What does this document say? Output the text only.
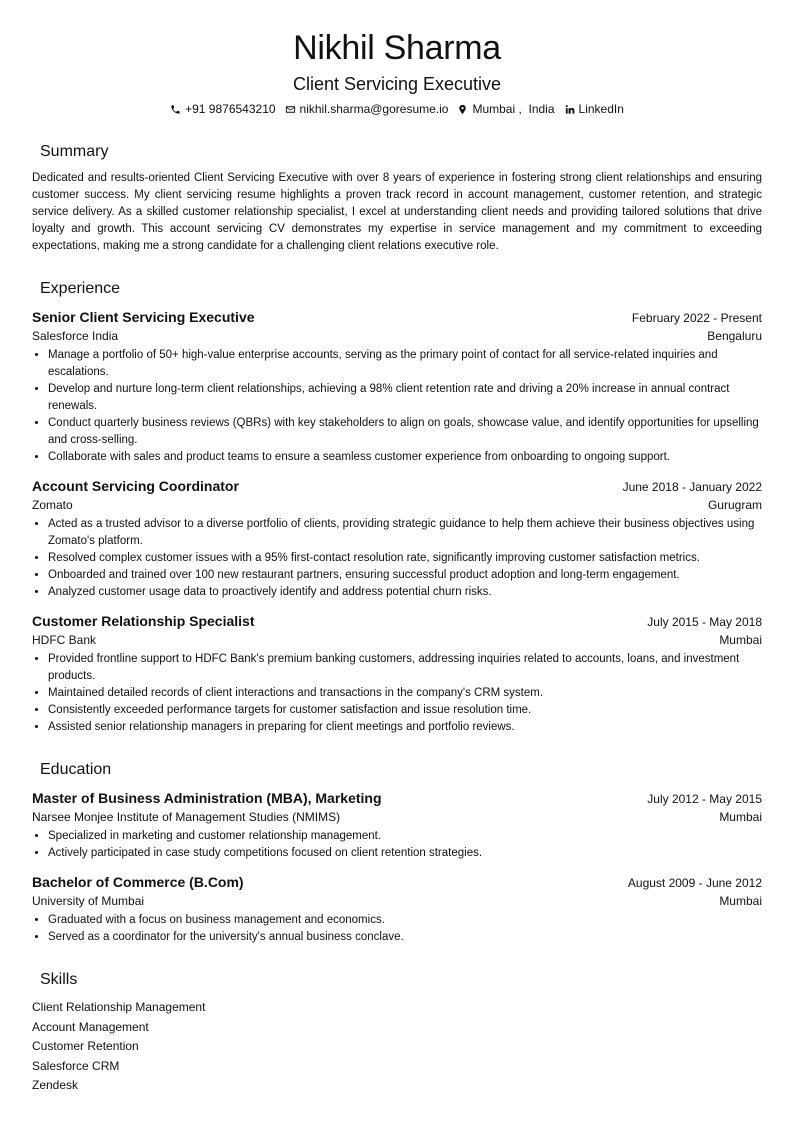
Nikhil Sharma
Client Servicing Executive
+91 9876543210 nikhil.sharma@goresume.io Mumbai ,  India LinkedIn
Summary
Dedicated and results-oriented Client Servicing Executive with over 8 years of experience in fostering strong client relationships and ensuring customer success. My client servicing resume highlights a proven track record in account management, customer retention, and strategic service delivery. As a skilled customer relationship specialist, I excel at understanding client needs and providing tailored solutions that drive loyalty and growth. This account servicing CV demonstrates my expertise in service management and my commitment to exceeding expectations, making me a strong candidate for a challenging client relations executive role.
Experience
Senior Client Servicing Executive	February 2022 - Present
Salesforce India	Bengaluru
• Manage a portfolio of 50+ high-value enterprise accounts, serving as the primary point of contact for all service-related inquiries and escalations.
• Develop and nurture long-term client relationships, achieving a 98% client retention rate and driving a 20% increase in annual contract renewals.
• Conduct quarterly business reviews (QBRs) with key stakeholders to align on goals, showcase value, and identify opportunities for upselling and cross-selling.
• Collaborate with sales and product teams to ensure a seamless customer experience from onboarding to ongoing support.
Account Servicing Coordinator	June 2018 - January 2022
Zomato	Gurugram
• Acted as a trusted advisor to a diverse portfolio of clients, providing strategic guidance to help them achieve their business objectives using Zomato's platform.
• Resolved complex customer issues with a 95% first-contact resolution rate, significantly improving customer satisfaction metrics.
• Onboarded and trained over 100 new restaurant partners, ensuring successful product adoption and long-term engagement.
• Analyzed customer usage data to proactively identify and address potential churn risks.
Customer Relationship Specialist	July 2015 - May 2018
HDFC Bank	Mumbai
• Provided frontline support to HDFC Bank's premium banking customers, addressing inquiries related to accounts, loans, and investment products.
• Maintained detailed records of client interactions and transactions in the company's CRM system.
• Consistently exceeded performance targets for customer satisfaction and issue resolution time.
• Assisted senior relationship managers in preparing for client meetings and portfolio reviews.
Education
Master of Business Administration (MBA), Marketing	July 2012 - May 2015
Narsee Monjee Institute of Management Studies (NMIMS)	Mumbai
• Specialized in marketing and customer relationship management.
• Actively participated in case study competitions focused on client retention strategies.
Bachelor of Commerce (B.Com)	August 2009 - June 2012
University of Mumbai	Mumbai
• Graduated with a focus on business management and economics.
• Served as a coordinator for the university's annual business conclave.
Skills
Client Relationship Management
Account Management
Customer Retention
Salesforce CRM
Zendesk
